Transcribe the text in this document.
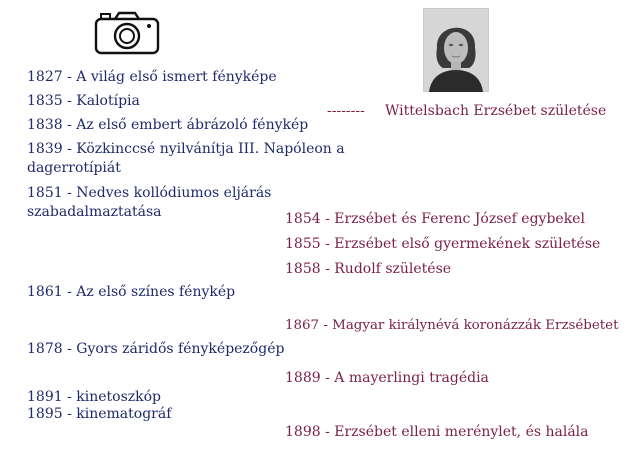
1827 - A világ első ismert fényképe
1835 - Kalotípia
1838 - Az első embert ábrázoló fénykép
1839 - Közkinccsé nyilvánítja III. Napóleon a dagerrotípiát
1851 - Nedves kollódiumos eljárás szabadalmaztatása
1861 - Az első színes fénykép
1878 - Gyors záridős fényképezőgép
1891 - kinetoszkóp
1895 - kinematográf
-------- Wittelsbach Erzsébet születése
1854 - Erzsébet és Ferenc József egybekel
1855 - Erzsébet első gyermekének születése
1858 - Rudolf születése
1867 - Magyar királynévá koronázzák Erzsébetet
1889 - A mayerlingi tragédia
1898 - Erzsébet elleni merénylet, és halála
